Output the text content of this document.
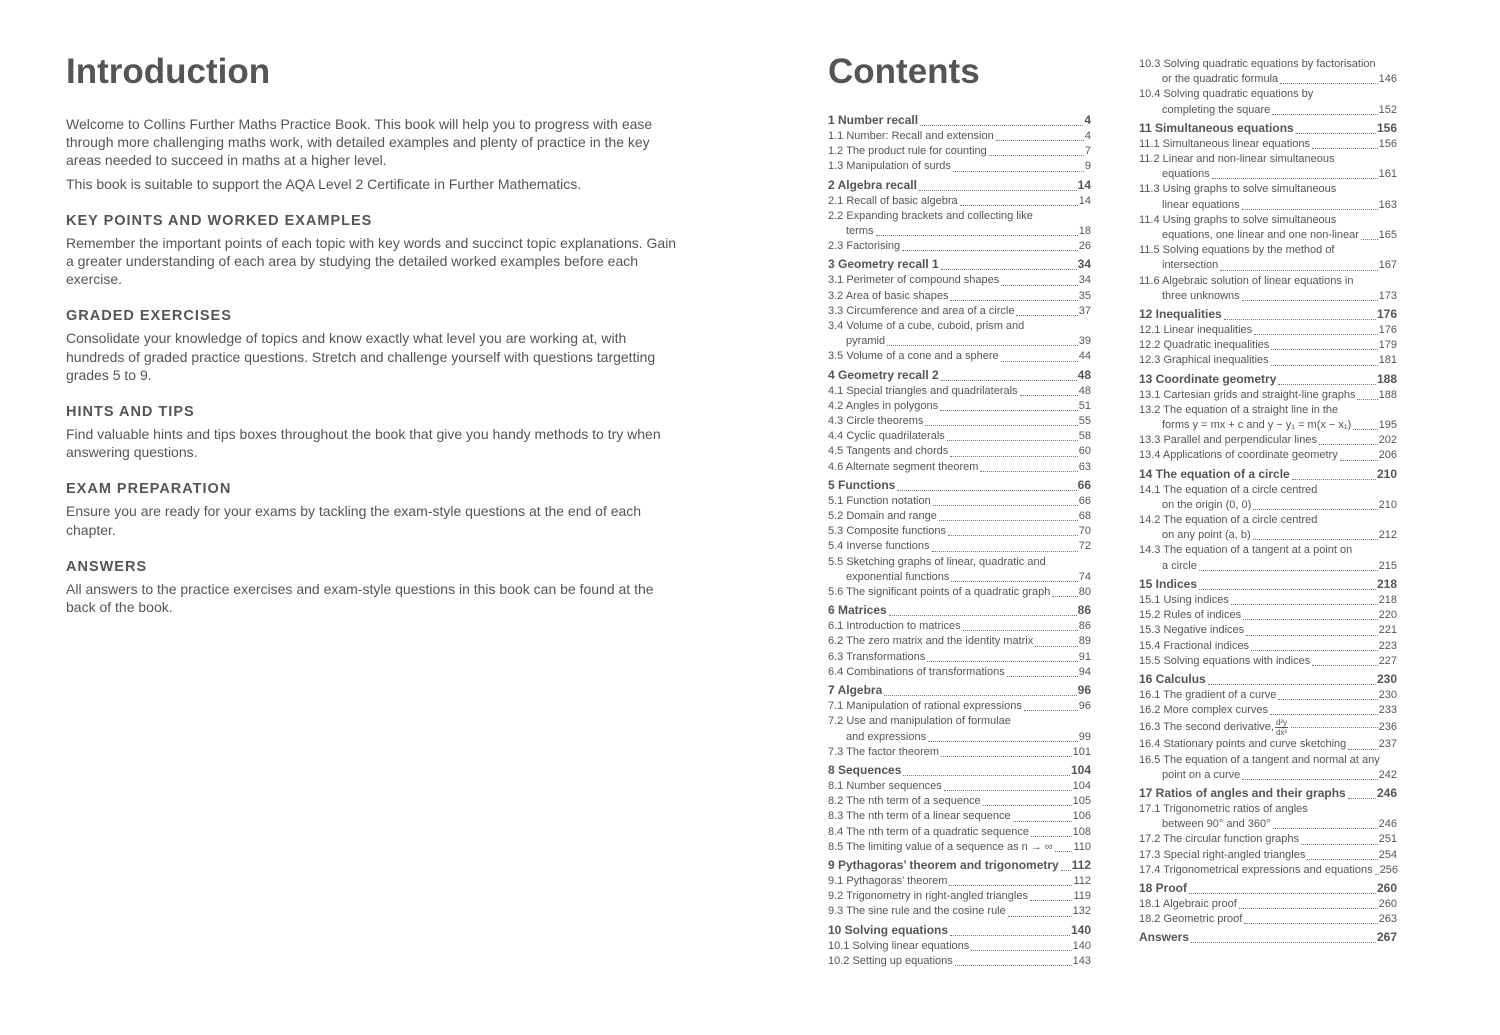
Introduction

Welcome to Collins Further Maths Practice Book. This book will help you to progress with ease through more challenging maths work, with detailed examples and plenty of practice in the key areas needed to succeed in maths at a higher level.

This book is suitable to support the AQA Level 2 Certificate in Further Mathematics.

KEY POINTS AND WORKED EXAMPLES

Remember the important points of each topic with key words and succinct topic explanations. Gain a greater understanding of each area by studying the detailed worked examples before each exercise.

GRADED EXERCISES

Consolidate your knowledge of topics and know exactly what level you are working at, with hundreds of graded practice questions. Stretch and challenge yourself with questions targetting grades 5 to 9.

HINTS AND TIPS

Find valuable hints and tips boxes throughout the book that give you handy methods to try when answering questions.

EXAM PREPARATION

Ensure you are ready for your exams by tackling the exam-style questions at the end of each chapter.

ANSWERS

All answers to the practice exercises and exam-style questions in this book can be found at the back of the book.

Contents
1 Number recall	4
1.1 Number: Recall and extension	4
1.2 The product rule for counting	7
1.3 Manipulation of surds	9
2 Algebra recall	14
2.1 Recall of basic algebra	14
2.2 Expanding brackets and collecting like
terms	18
2.3 Factorising	26
3 Geometry recall 1	34
3.1 Perimeter of compound shapes	34
3.2 Area of basic shapes	35
3.3 Circumference and area of a circle	37
3.4 Volume of a cube, cuboid, prism and
pyramid	39
3.5 Volume of a cone and a sphere	44
4 Geometry recall 2	48
4.1 Special triangles and quadrilaterals	48
4.2 Angles in polygons	51
4.3 Circle theorems	55
4.4 Cyclic quadrilaterals	58
4.5 Tangents and chords	60
4.6 Alternate segment theorem	63
5 Functions	66
5.1 Function notation	66
5.2 Domain and range	68
5.3 Composite functions	70
5.4 Inverse functions	72
5.5 Sketching graphs of linear, quadratic and
exponential functions	74
5.6 The significant points of a quadratic graph	80
6 Matrices	86
6.1 Introduction to matrices	86
6.2 The zero matrix and the identity matrix	89
6.3 Transformations	91
6.4 Combinations of transformations	94
7 Algebra	96
7.1 Manipulation of rational expressions	96
7.2 Use and manipulation of formulae
and expressions	99
7.3 The factor theorem	101
8 Sequences	104
8.1 Number sequences	104
8.2 The nth term of a sequence	105
8.3 The nth term of a linear sequence	106
8.4 The nth term of a quadratic sequence	108
8.5 The limiting value of a sequence as n → ∞ 110
9 Pythagoras’ theorem and trigonometry 112
9.1 Pythagoras’ theorem	112
9.2 Trigonometry in right-angled triangles	119
9.3 The sine rule and the cosine rule	132
10 Solving equations	140
10.1 Solving linear equations	140
10.2 Setting up equations	143
10.3 Solving quadratic equations by factorisation
or the quadratic formula	146
10.4 Solving quadratic equations by
completing the square	152
11 Simultaneous equations	156
11.1 Simultaneous linear equations	156
11.2 Linear and non-linear simultaneous
equations	161
11.3 Using graphs to solve simultaneous
linear equations	163
11.4 Using graphs to solve simultaneous
equations, one linear and one non-linear 165
11.5 Solving equations by the method of
intersection	167
11.6 Algebraic solution of linear equations in
three unknowns	173
12 Inequalities	176
12.1 Linear inequalities	176
12.2 Quadratic inequalities	179
12.3 Graphical inequalities	181
13 Coordinate geometry	188
13.1 Cartesian grids and straight-line graphs 188
13.2 The equation of a straight line in the
forms y = mx + c and y − y₁ = m(x − x₁) 195
13.3 Parallel and perpendicular lines	202
13.4 Applications of coordinate geometry	206
14 The equation of a circle	210
14.1 The equation of a circle centred
on the origin (0, 0)	210
14.2 The equation of a circle centred
on any point (a, b)	212
14.3 The equation of a tangent at a point on
a circle	215
15 Indices	218
15.1 Using indices	218
15.2 Rules of indices	220
15.3 Negative indices	221
15.4 Fractional indices	223
15.5 Solving equations with indices	227
16 Calculus	230
16.1 The gradient of a curve	230
16.2 More complex curves	233
16.3 The second derivative, $\frac{\text{d²y}}{\text{dx²}}$	236
16.4 Stationary points and curve sketching	237
16.5 The equation of a tangent and normal at any
point on a curve	242
17 Ratios of angles and their graphs	246
17.1 Trigonometric ratios of angles
between 90° and 360°	246
17.2 The circular function graphs	251
17.3 Special right-angled triangles	254
17.4 Trigonometrical expressions and equations 256
18 Proof	260
18.1 Algebraic proof	260
18.2 Geometric proof	263
Answers	267
